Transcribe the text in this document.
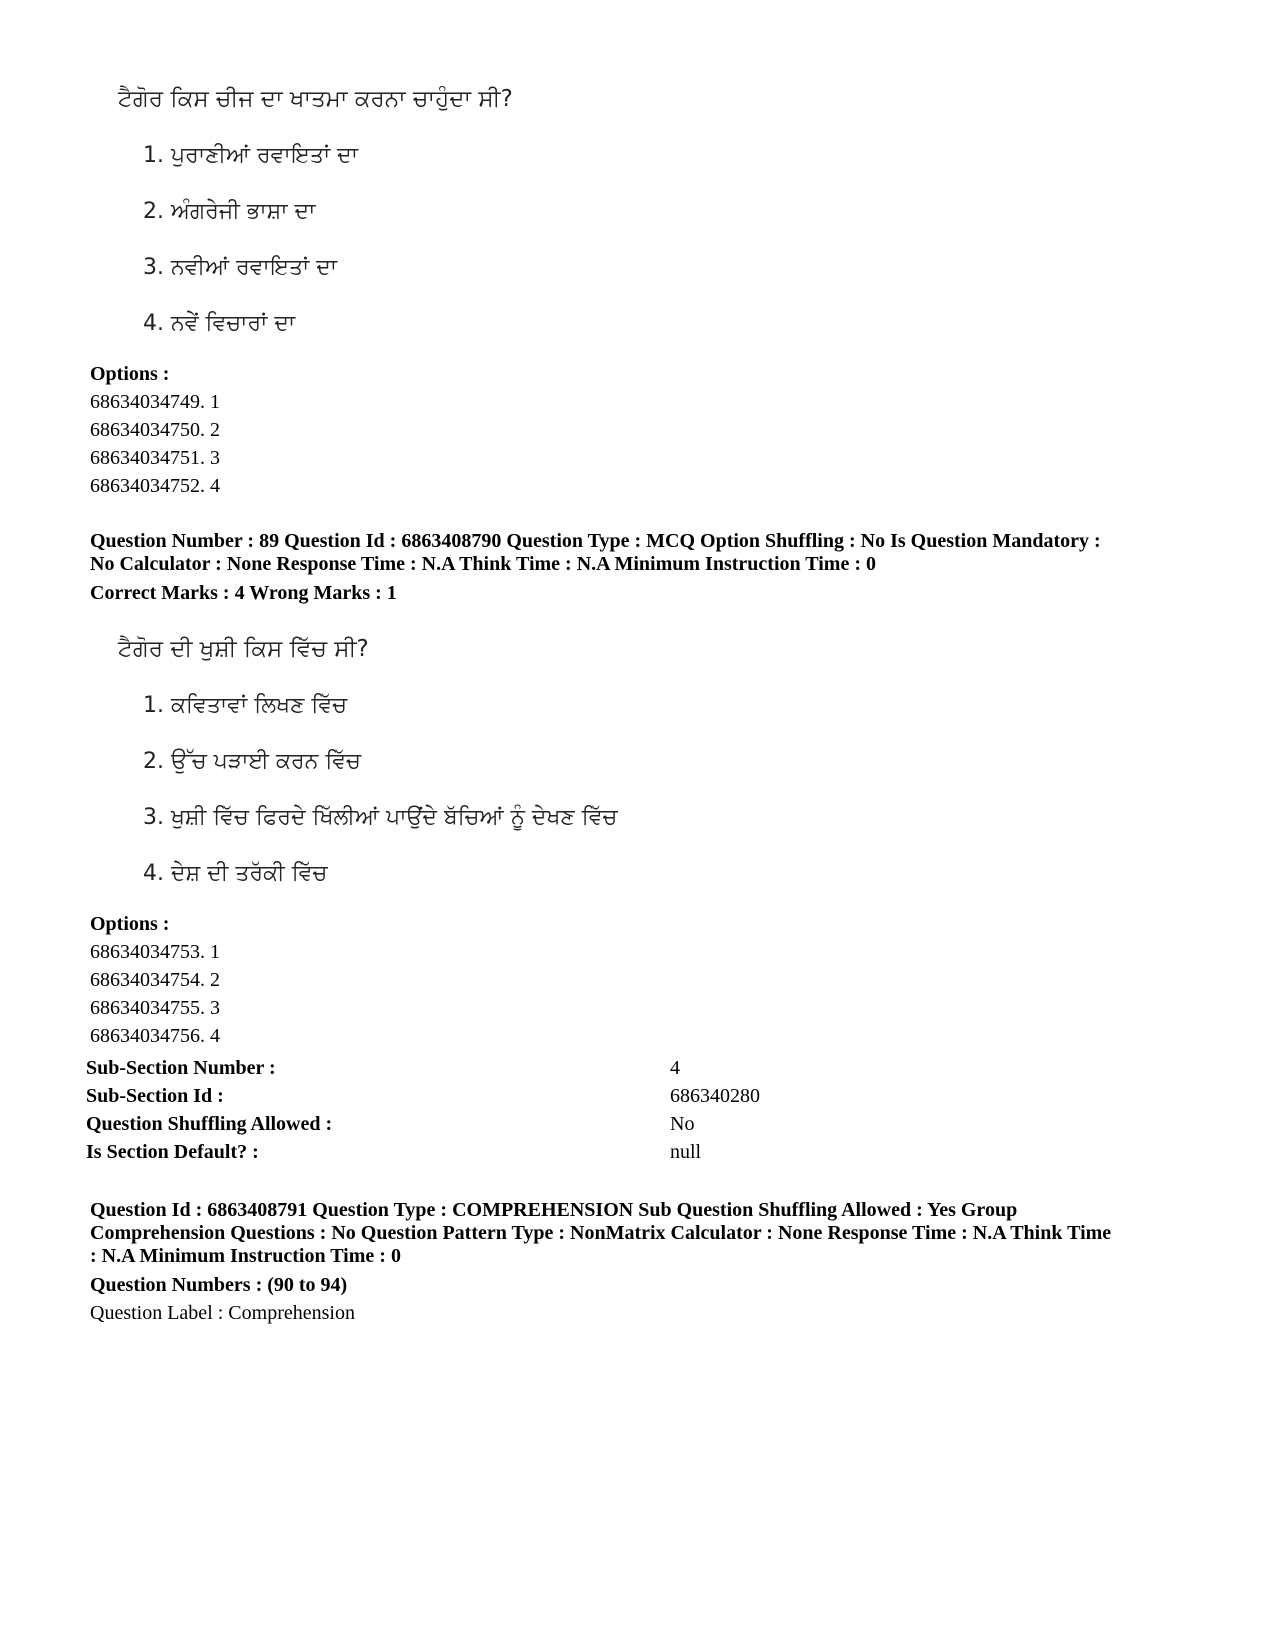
ਟੈਗੋਰ ਕਿਸ ਚੀਜ ਦਾ ਖਾਤਮਾ ਕਰਨਾ ਚਾਹੁੰਦਾ ਸੀ?
1. ਪੁਰਾਣੀਆਂ ਰਵਾਇਤਾਂ ਦਾ
2. ਅੰਗਰੇਜੀ ਭਾਸ਼ਾ ਦਾ
3. ਨਵੀਆਂ ਰਵਾਇਤਾਂ ਦਾ
4. ਨਵੇਂ ਵਿਚਾਰਾਂ ਦਾ
Options :
68634034749. 1
68634034750. 2
68634034751. 3
68634034752. 4
Question Number : 89 Question Id : 6863408790 Question Type : MCQ Option Shuffling : No Is Question Mandatory :
No Calculator : None Response Time : N.A Think Time : N.A Minimum Instruction Time : 0
Correct Marks : 4 Wrong Marks : 1
ਟੈਗੋਰ ਦੀ ਖੁਸ਼ੀ ਕਿਸ ਵਿੱਚ ਸੀ?
1. ਕਵਿਤਾਵਾਂ ਲਿਖਣ ਵਿੱਚ
2. ਉੱਚ ਪੜਾਈ ਕਰਨ ਵਿੱਚ
3. ਖੁਸ਼ੀ ਵਿੱਚ ਫਿਰਦੇ ਖਿੱਲੀਆਂ ਪਾਉਂਦੇ ਬੱਚਿਆਂ ਨੂੰ ਦੇਖਣ ਵਿੱਚ
4. ਦੇਸ਼ ਦੀ ਤਰੱਕੀ ਵਿੱਚ
Options :
68634034753. 1
68634034754. 2
68634034755. 3
68634034756. 4
Sub-Section Number :	4
Sub-Section Id :	686340280
Question Shuffling Allowed :	No
Is Section Default? :	null
Question Id : 6863408791 Question Type : COMPREHENSION Sub Question Shuffling Allowed : Yes Group
Comprehension Questions : No Question Pattern Type : NonMatrix Calculator : None Response Time : N.A Think Time
: N.A Minimum Instruction Time : 0
Question Numbers : (90 to 94)
Question Label : Comprehension
